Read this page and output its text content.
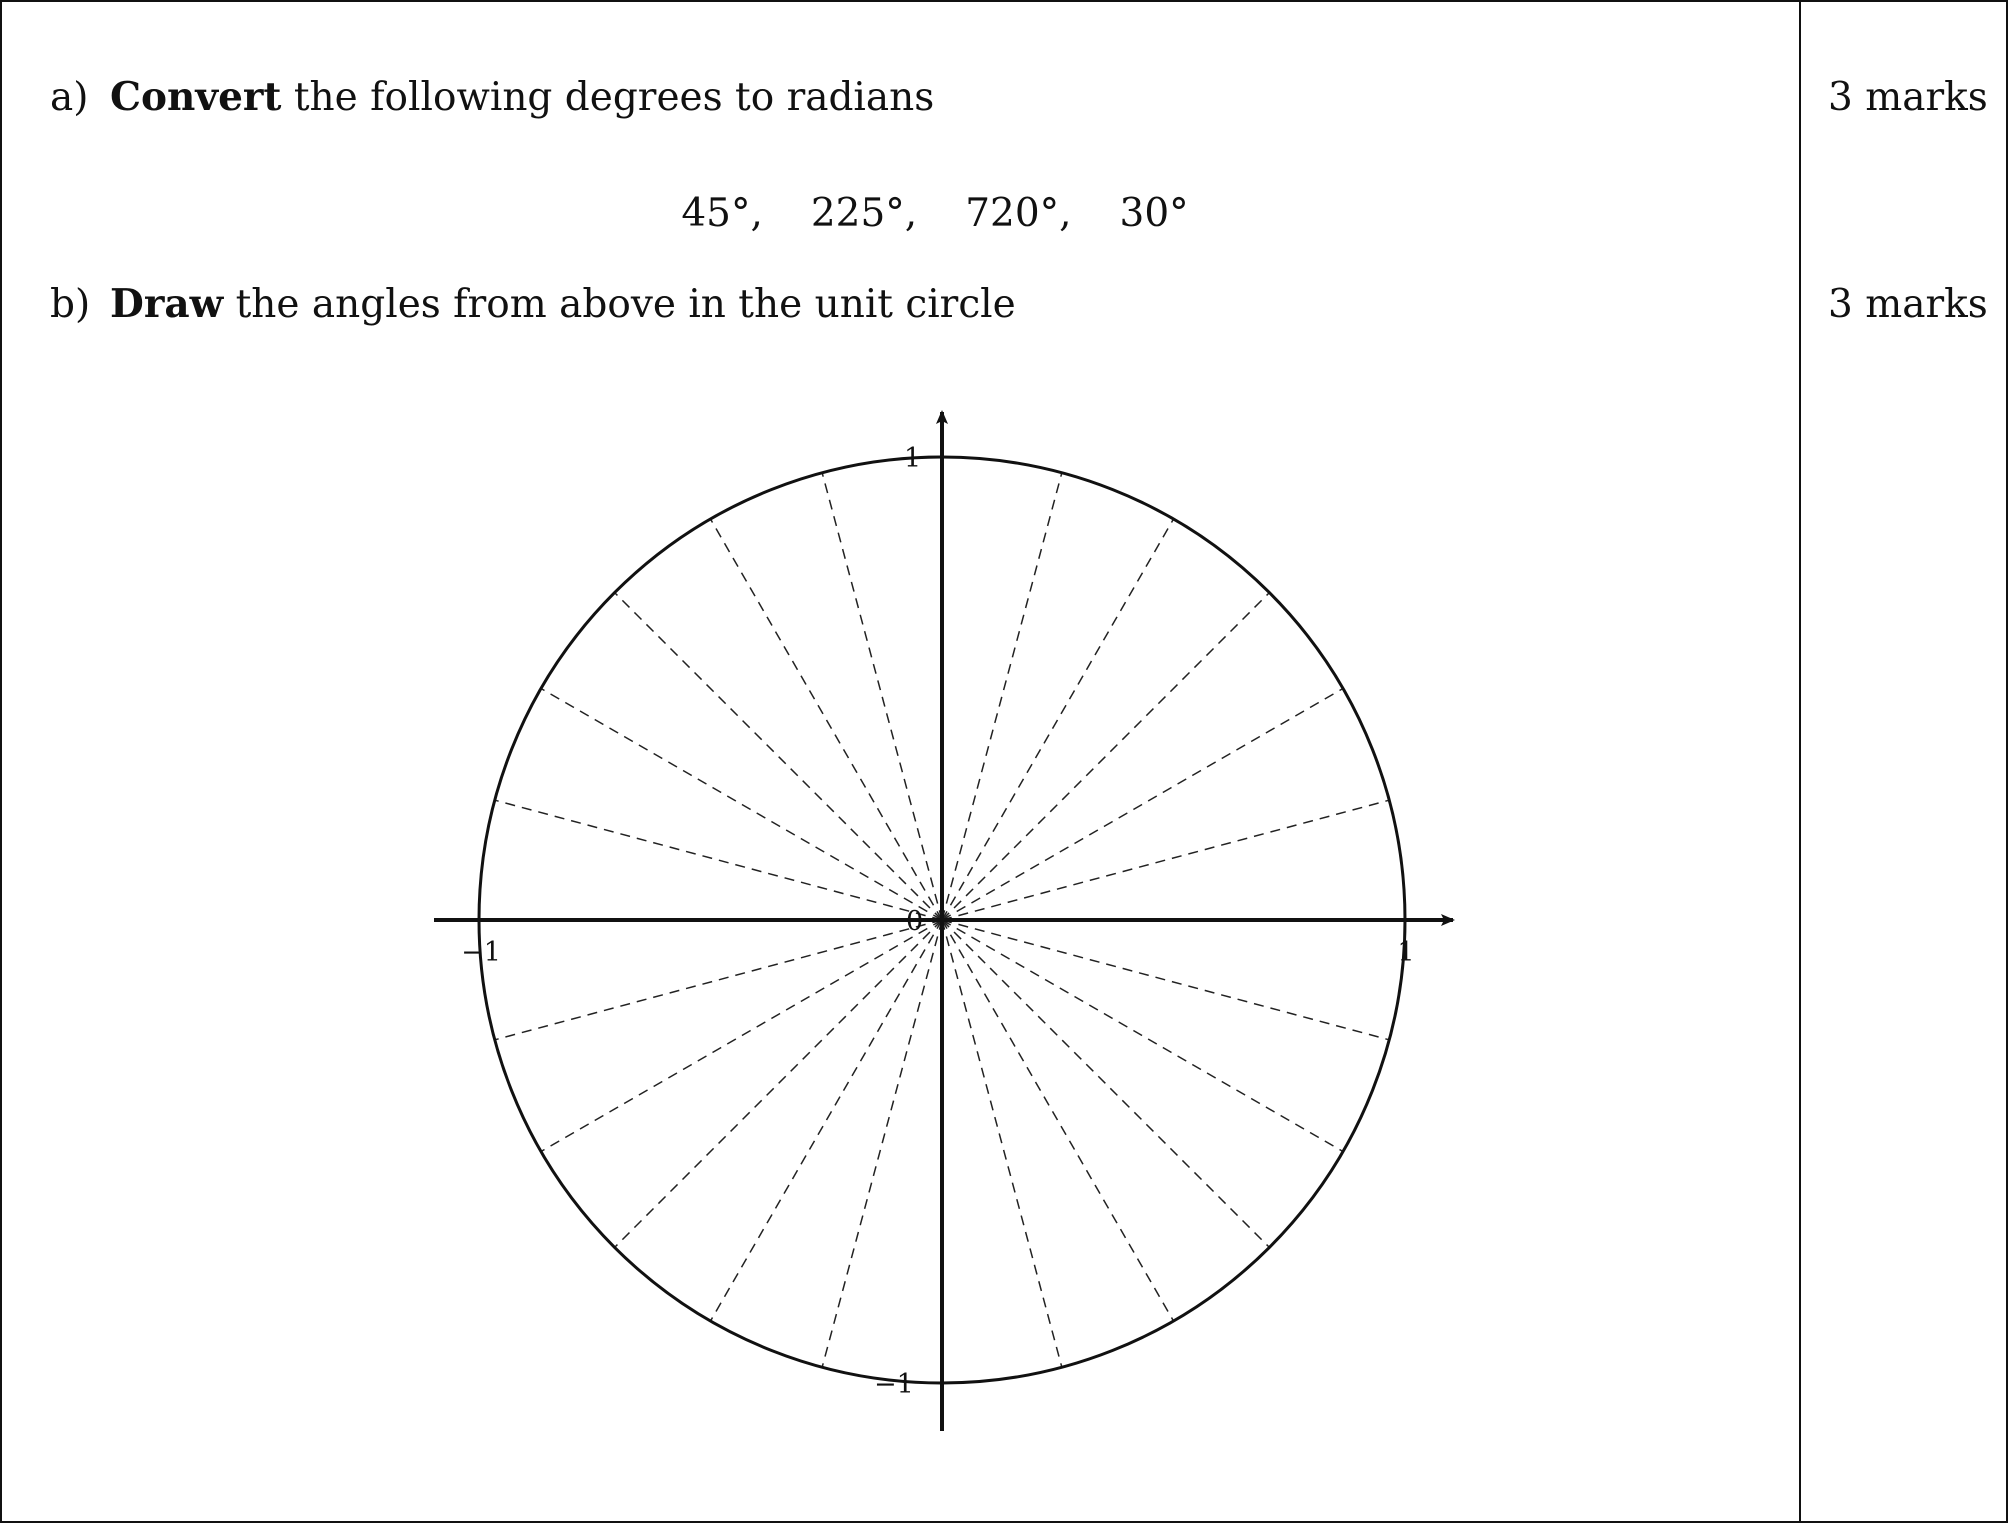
a) Convert the following degrees to radians	3 marks
45°, 225°, 720°, 30°
b) Draw the angles from above in the unit circle	3 marks
0
−1	1
1
−1
